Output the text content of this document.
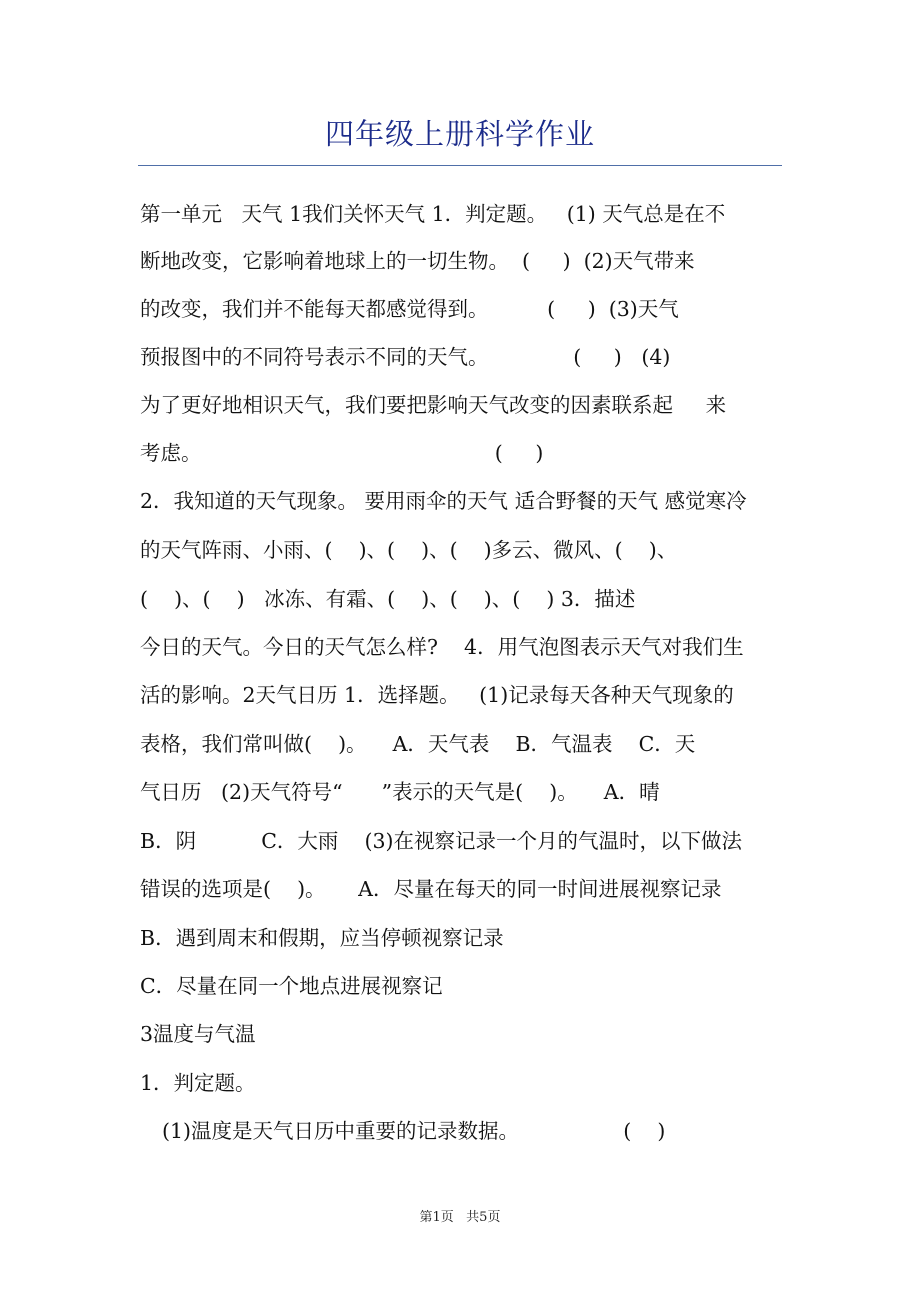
四年级上册科学作业
第一单元   天气 1我们关怀天气 1．判定题。   (1) 天气总是在不
断地改变，它影响着地球上的一切生物。  (     )  (2)天气带来
的改变，我们并不能每天都感觉得到。         (     )  (3)天气
预报图中的不同符号表示不同的天气。             (     )   (4)
为了更好地相识天气，我们要把影响天气改变的因素联系起     来
考虑。                                             (     )
2．我知道的天气现象。 要用雨伞的天气 适合野餐的天气 感觉寒冷
的天气阵雨、小雨、(    )、(    )、(    )多云、微风、(    )、
(    )、(    )   冰冻、有霜、(    )、(    )、(    ) 3．描述
今日的天气。今日的天气怎么样?    4．用气泡图表示天气对我们生
活的影响。2天气日历 1．选择题。   (1)记录每天各种天气现象的
表格，我们常叫做(    )。    A．天气表    B．气温表    C．天
气日历   (2)天气符号“      ”表示的天气是(    )。    A．晴
B．阴          C．大雨    (3)在视察记录一个月的气温时，以下做法
错误的选项是(    )。     A．尽量在每天的同一时间进展视察记录
B．遇到周末和假期，应当停顿视察记录
C．尽量在同一个地点进展视察记
3温度与气温
1．判定题。
(1)温度是天气日历中重要的记录数据。                (    )
第1页   共5页
